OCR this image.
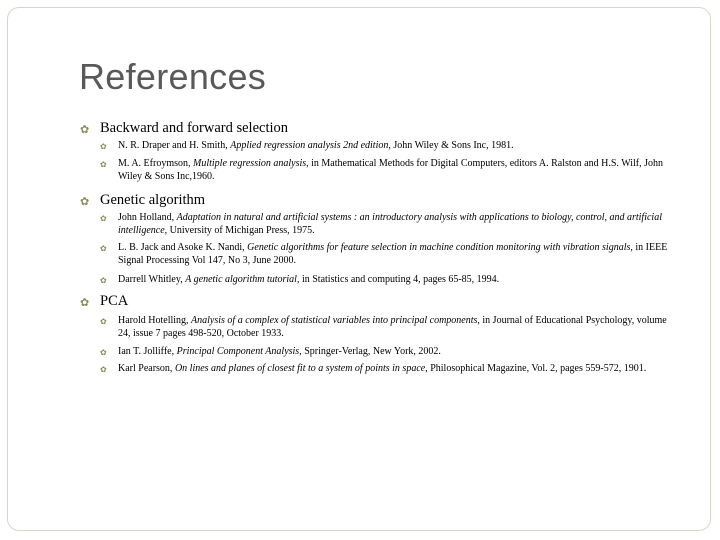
References
✿ Backward and forward selection
✿ N. R. Draper and H. Smith, Applied regression analysis 2nd edition, John Wiley & Sons Inc, 1981.
✿ M. A. Efroymson, Multiple regression analysis, in Mathematical Methods for Digital Computers, editors A. Ralston and H.S. Wilf, John Wiley & Sons Inc,1960.
✿ Genetic algorithm
✿ John Holland, Adaptation in natural and artificial systems : an introductory analysis with applications to biology, control, and artificial intelligence, University of Michigan Press, 1975.
✿ L. B. Jack and Asoke K. Nandi, Genetic algorithms for feature selection in machine condition monitoring with vibration signals, in IEEE Signal Processing Vol 147, No 3, June 2000.
✿ Darrell Whitley, A genetic algorithm tutorial, in Statistics and computing 4, pages 65-85, 1994.
✿ PCA
✿ Harold Hotelling, Analysis of a complex of statistical variables into principal components, in Journal of Educational Psychology, volume 24, issue 7 pages 498-520, October 1933.
✿ Ian T. Jolliffe, Principal Component Analysis, Springer-Verlag, New York, 2002.
✿ Karl Pearson, On lines and planes of closest fit to a system of points in space, Philosophical Magazine, Vol. 2, pages 559-572, 1901.
